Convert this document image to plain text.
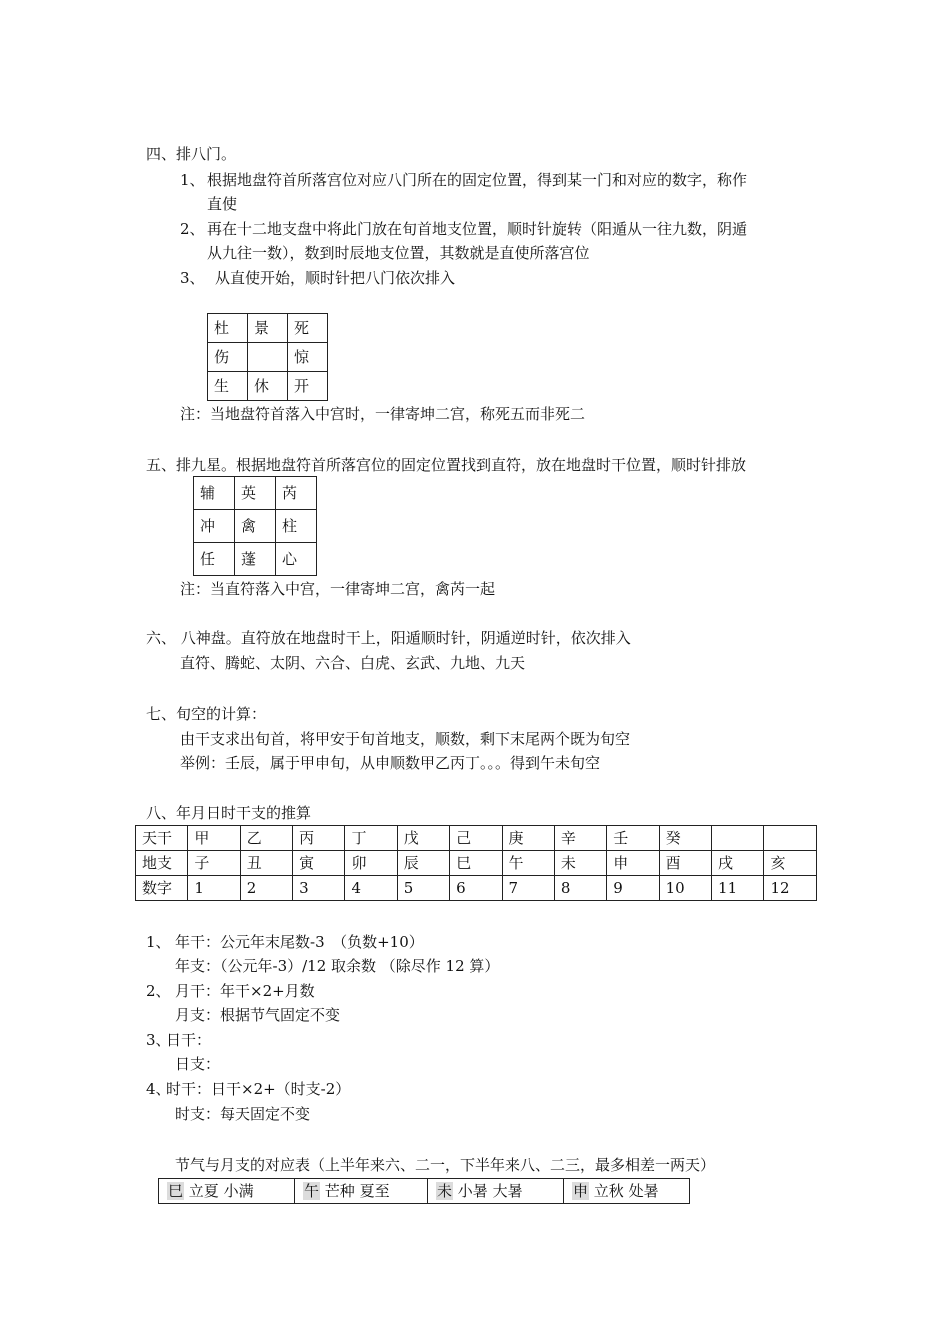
四、排八门。
1、 根据地盘符首所落宫位对应八门所在的固定位置，得到某一门和对应的数字，称作
直使
2、 再在十二地支盘中将此门放在旬首地支位置，顺时针旋转（阳遁从一往九数，阴遁
从九往一数），数到时辰地支位置，其数就是直使所落宫位
3、 从直使开始，顺时针把八门依次排入
杜	景	死
伤		惊
生	休	开
注：当地盘符首落入中宫时，一律寄坤二宫，称死五而非死二
五、排九星。根据地盘符首所落宫位的固定位置找到直符，放在地盘时干位置，顺时针排放
辅	英	芮
冲	禽	柱
任	蓬	心
注：当直符落入中宫，一律寄坤二宫，禽芮一起
六、 八神盘。直符放在地盘时干上，阳遁顺时针，阴遁逆时针，依次排入
直符、腾蛇、太阴、六合、白虎、玄武、九地、九天
七、旬空的计算：
由干支求出旬首，将甲安于旬首地支，顺数，剩下末尾两个既为旬空
举例：壬辰，属于甲申旬，从申顺数甲乙丙丁。。。得到午未旬空
八、年月日时干支的推算
天干	甲	乙	丙	丁	戊	己	庚	辛	壬	癸		
地支	子	丑	寅	卯	辰	巳	午	未	申	酉	戌	亥
数字	1	2	3	4	5	6	7	8	9	10	11	12
1、 年干：公元年末尾数-3　（负数+10）
年支：（公元年-3）/12 取余数 （除尽作 12 算）
2、 月干：年干×2+月数
月支：根据节气固定不变
3、
日干：
日支：
4、
时干：日干×2+（时支-2）
时支：每天固定不变
节气与月支的对应表（上半年来六、二一，下半年来八、二三，最多相差一两天）
巳 立夏 小满	午 芒种 夏至	未 小暑 大暑	申 立秋 处暑
